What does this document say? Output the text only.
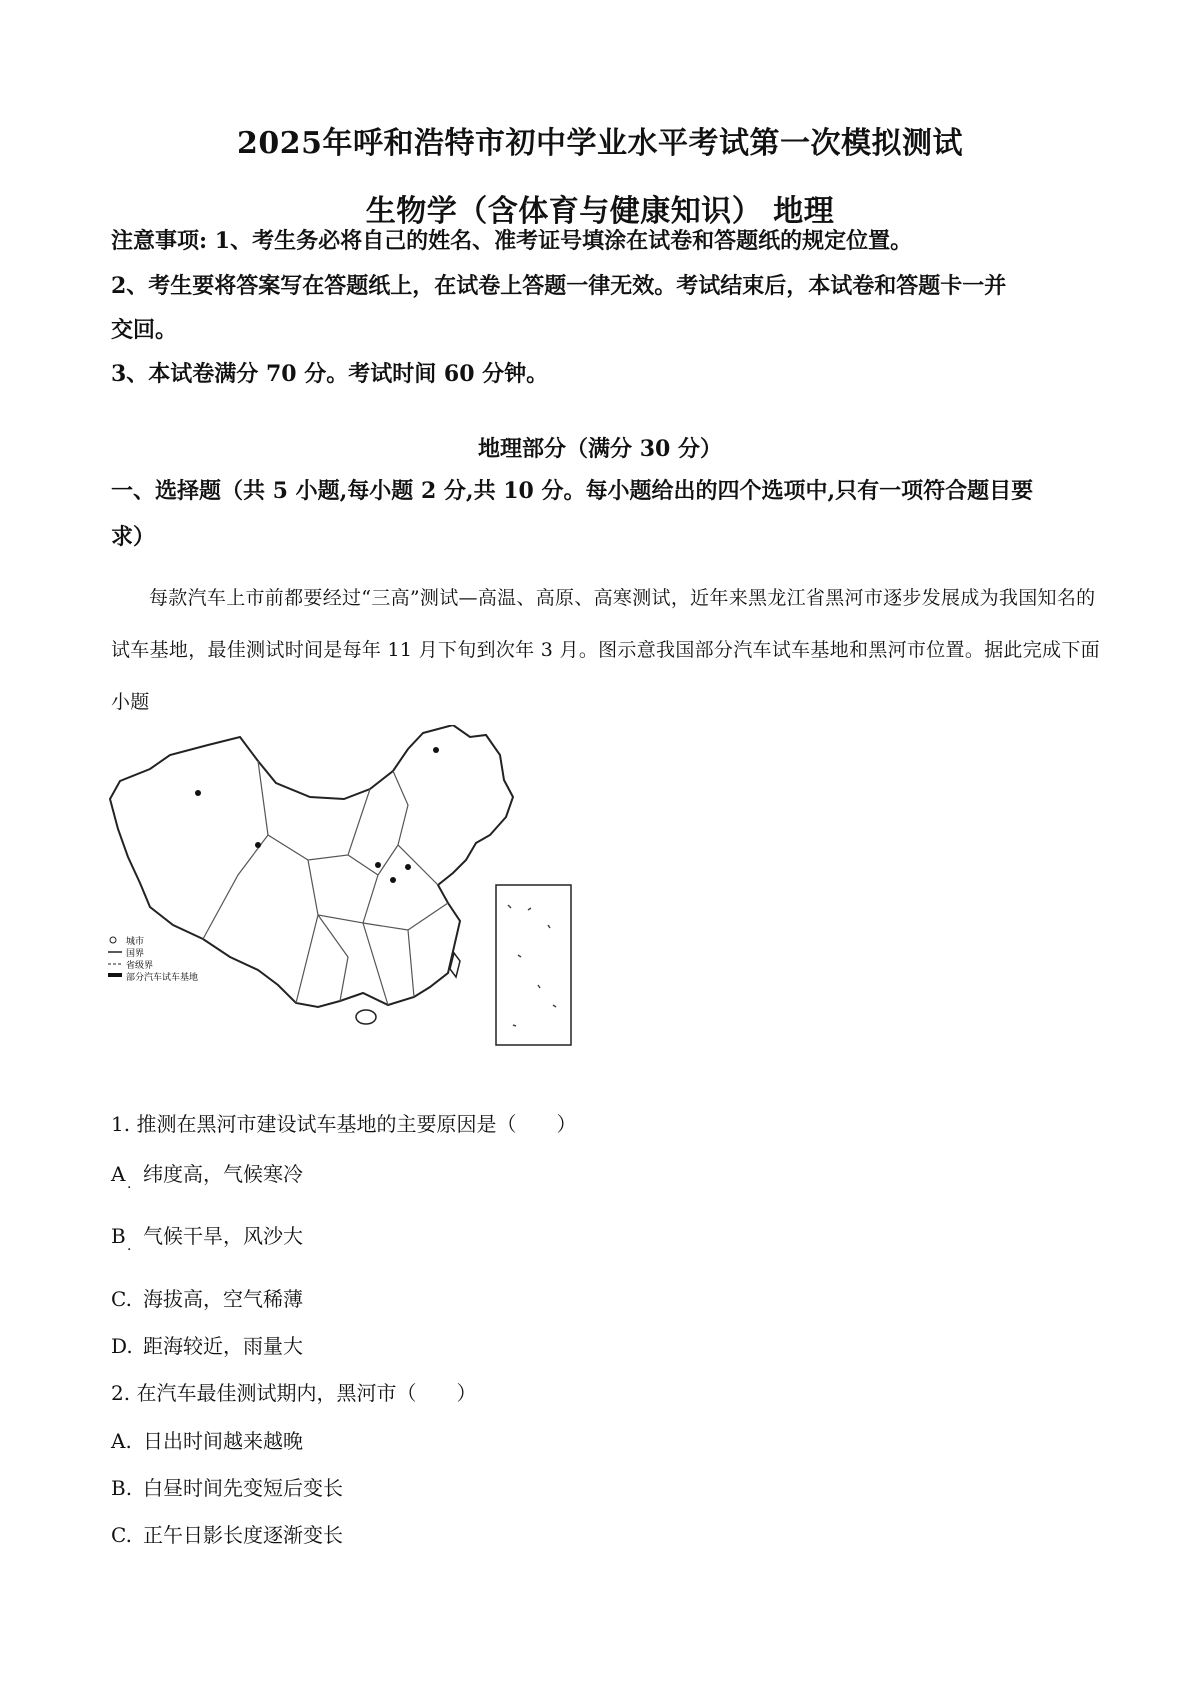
2025年呼和浩特市初中学业水平考试第一次模拟测试
生物学（含体育与健康知识） 地理
注意事项: 1、考生务必将自己的姓名、准考证号填涂在试卷和答题纸的规定位置。
2、考生要将答案写在答题纸上，在试卷上答题一律无效。考试结束后，本试卷和答题卡一并
交回。
3、本试卷满分 70 分。考试时间 60 分钟。
地理部分（满分 30 分）
一、选择题（共 5 小题,每小题 2 分,共 10 分。每小题给出的四个选项中,只有一项符合题目要
求）
每款汽车上市前都要经过“三高”测试—高温、高原、高寒测试，近年来黑龙江省黑河市逐步发展成为我国知名的试车基地，最佳测试时间是每年 11 月下旬到次年 3 月。图示意我国部分汽车试车基地和黑河市位置。据此完成下面小题
城市
国界
省级界
部分汽车试车基地
1. 推测在黑河市建设试车基地的主要原因是（　　）
A 纬度高，气候寒冷
·
B 气候干旱，风沙大
·
C. 海拔高，空气稀薄
D. 距海较近，雨量大
2. 在汽车最佳测试期内，黑河市（　　）
A. 日出时间越来越晚
B. 白昼时间先变短后变长
C. 正午日影长度逐渐变长
